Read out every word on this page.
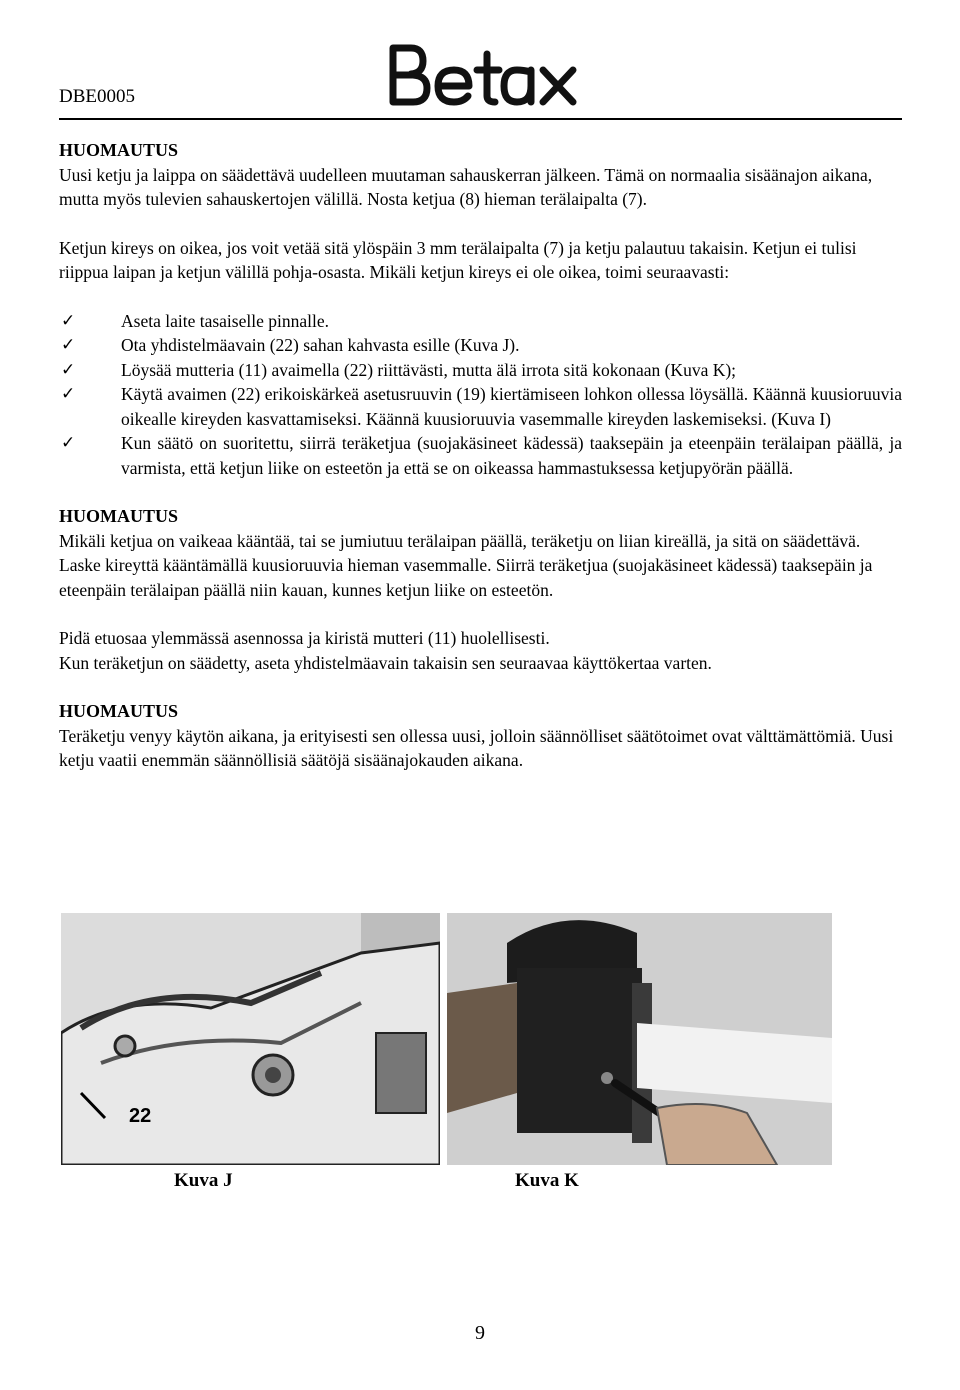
DBE0005

HUOMAUTUS

Uusi ketju ja laippa on säädettävä uudelleen muutaman sahauskerran jälkeen. Tämä on normaalia sisäänajon aikana, mutta myös tulevien sahauskertojen välillä. Nosta ketjua (8) hieman terälaipalta (7).

Ketjun kireys on oikea, jos voit vetää sitä ylöspäin 3 mm terälaipalta (7) ja ketju palautuu takaisin. Ketjun ei tulisi riippua laipan ja ketjun välillä pohja-osasta. Mikäli ketjun kireys ei ole oikea, toimi seuraavasti:

✓	Aseta laite tasaiselle pinnalle.
✓	Ota yhdistelmäavain (22) sahan kahvasta esille (Kuva J).
✓	Löysää mutteria (11) avaimella (22) riittävästi, mutta älä irrota sitä kokonaan (Kuva K);
✓	Käytä avaimen (22) erikoiskärkeä asetusruuvin (19) kiertämiseen lohkon ollessa löysällä. Käännä kuusioruuvia oikealle kireyden kasvattamiseksi. Käännä kuusioruuvia vasemmalle kireyden laskemiseksi. (Kuva I)
✓	Kun säätö on suoritettu, siirrä teräketjua (suojakäsineet kädessä) taaksepäin ja eteenpäin terälaipan päällä, ja varmista, että ketjun liike on esteetön ja että se on oikeassa hammastuksessa ketjupyörän päällä.

HUOMAUTUS

Mikäli ketjua on vaikeaa kääntää, tai se jumiutuu terälaipan päällä, teräketju on liian kireällä, ja sitä on säädettävä. Laske kireyttä kääntämällä kuusioruuvia hieman vasemmalle. Siirrä teräketjua (suojakäsineet kädessä) taaksepäin ja eteenpäin terälaipan päällä niin kauan, kunnes ketjun liike on esteetön.

Pidä etuosaa ylemmässä asennossa ja kiristä mutteri (11) huolellisesti.

Kun teräketjun on säädetty, aseta yhdistelmäavain takaisin sen seuraavaa käyttökertaa varten.

HUOMAUTUS

Teräketju venyy käytön aikana, ja erityisesti sen ollessa uusi, jolloin säännölliset säätötoimet ovat välttämättömiä. Uusi ketju vaatii enemmän säännöllisiä säätöjä sisäänajokauden aikana.

22
Kuva J	Kuva K
9
